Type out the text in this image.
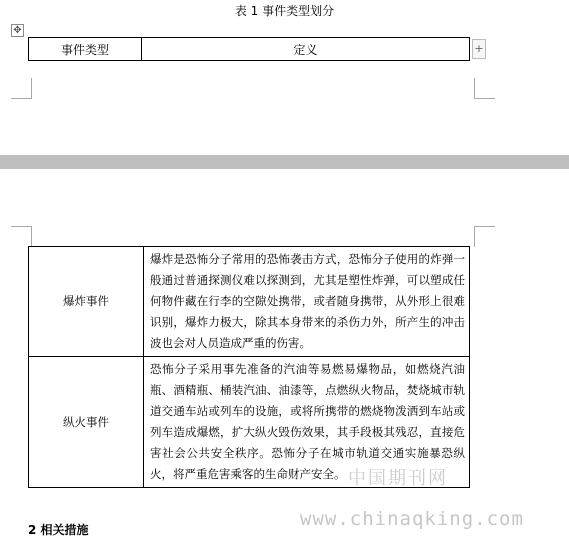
表 1 事件类型划分
✥
事件类型	定义	+
爆炸事件	爆炸是恐怖分子常用的恐怖袭击方式，恐怖分子使用的炸弹一般通过普通探测仪难以探测到，尤其是塑性炸弹，可以塑成任何物件藏在行李的空隙处携带，或者随身携带，从外形上很难识别，爆炸力极大，除其本身带来的杀伤力外，所产生的冲击波也会对人员造成严重的伤害。
纵火事件	恐怖分子采用事先准备的汽油等易燃易爆物品，如燃烧汽油瓶、酒精瓶、桶装汽油、油漆等，点燃纵火物品，焚烧城市轨道交通车站或列车的设施，或将所携带的燃烧物泼洒到车站或列车造成爆燃，扩大纵火毁伤效果，其手段极其残忍，直接危害社会公共安全秩序。恐怖分子在城市轨道交通实施暴恐纵火，将严重危害乘客的生命财产安全。
2 相关措施
中国期刊网
www.chinaqking.com
